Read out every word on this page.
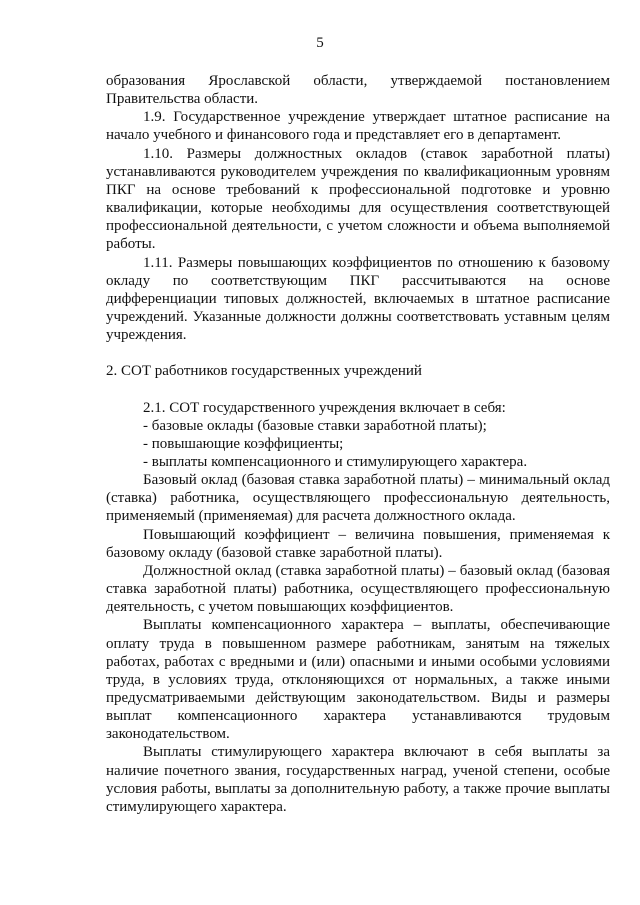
5

образования Ярославской области, утверждаемой постановлением Правительства области.

1.9. Государственное учреждение утверждает штатное расписание на начало учебного и финансового года и представляет его в департамент.

1.10. Размеры должностных окладов (ставок заработной платы) устанавливаются руководителем учреждения по квалификационным уровням ПКГ на основе требований к профессиональной подготовке и уровню квалификации, которые необходимы для осуществления соответствующей профессиональной деятельности, с учетом сложности и объема выполняемой работы.

1.11. Размеры повышающих коэффициентов по отношению к базовому окладу по соответствующим ПКГ рассчитываются на основе дифференциации типовых должностей, включаемых в штатное расписание учреждений. Указанные должности должны соответствовать уставным целям учреждения.

2. СОТ работников государственных учреждений

2.1. СОТ государственного учреждения включает в себя:

- базовые оклады (базовые ставки заработной платы);

- повышающие коэффициенты;

- выплаты компенсационного и стимулирующего характера.

Базовый оклад (базовая ставка заработной платы) – минимальный оклад (ставка) работника, осуществляющего профессиональную деятельность, применяемый (применяемая) для расчета должностного оклада.

Повышающий коэффициент – величина повышения, применяемая к базовому окладу (базовой ставке заработной платы).

Должностной оклад (ставка заработной платы) – базовый оклад (базовая ставка заработной платы) работника, осуществляющего профессиональную деятельность, с учетом повышающих коэффициентов.

Выплаты компенсационного характера – выплаты, обеспечивающие оплату труда в повышенном размере работникам, занятым на тяжелых работах, работах с вредными и (или) опасными и иными особыми условиями труда, в условиях труда, отклоняющихся от нормальных, а также иными предусматриваемыми действующим законодательством. Виды и размеры выплат компенсационного характера устанавливаются трудовым законодательством.

Выплаты стимулирующего характера включают в себя выплаты за наличие почетного звания, государственных наград, ученой степени, особые условия работы, выплаты за дополнительную работу, а также прочие выплаты стимулирующего характера.
